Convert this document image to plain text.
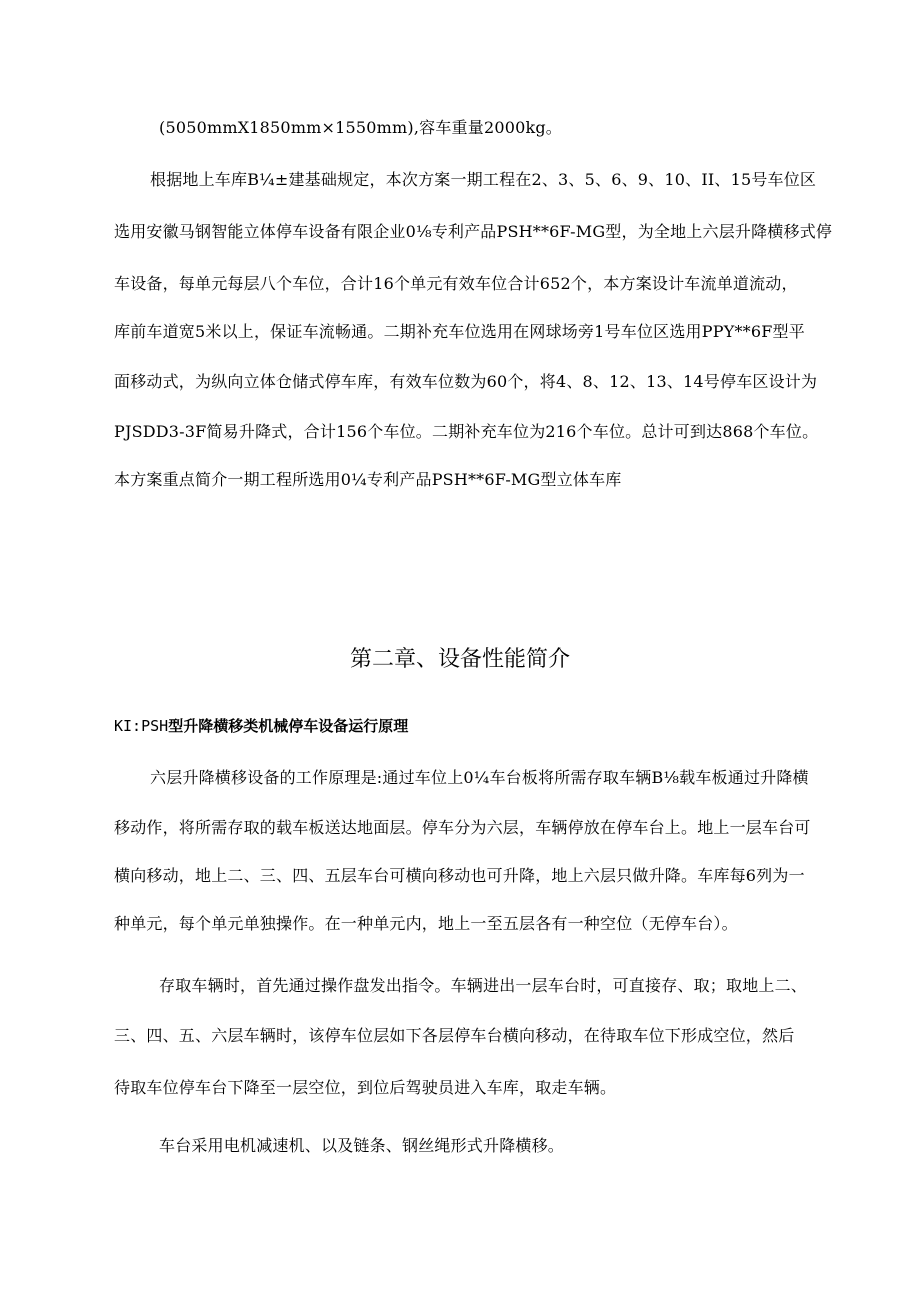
(5050mmX1850mm×1550mm),容车重量2000kg。
根据地上车库B¼±建基础规定，本次方案一期工程在2、3、5、6、9、10、II、15号车位区
选用安徽马钢智能立体停车设备有限企业0⅛专利产品PSH**6F-MG型，为全地上六层升降横移式停
车设备，每单元每层八个车位，合计16个单元有效车位合计652个，本方案设计车流单道流动，
库前车道宽5米以上，保证车流畅通。二期补充车位选用在网球场旁1号车位区选用PPY**6F型平
面移动式，为纵向立体仓储式停车库，有效车位数为60个，将4、8、12、13、14号停车区设计为
PJSDD3-3F简易升降式，合计156个车位。二期补充车位为216个车位。总计可到达868个车位。
本方案重点简介一期工程所选用0¼专利产品PSH**6F-MG型立体车库
第二章、设备性能简介
KI:PSH型升降横移类机械停车设备运行原理
六层升降横移设备的工作原理是:通过车位上0¼车台板将所需存取车辆B⅛载车板通过升降横
移动作，将所需存取的载车板送达地面层。停车分为六层，车辆停放在停车台上。地上一层车台可
横向移动，地上二、三、四、五层车台可横向移动也可升降，地上六层只做升降。车库每6列为一
种单元，每个单元单独操作。在一种单元内，地上一至五层各有一种空位（无停车台）。
存取车辆时，首先通过操作盘发出指令。车辆进出一层车台时，可直接存、取；取地上二、
三、四、五、六层车辆时，该停车位层如下各层停车台横向移动，在待取车位下形成空位，然后
待取车位停车台下降至一层空位，到位后驾驶员进入车库，取走车辆。
车台采用电机减速机、以及链条、钢丝绳形式升降横移。
